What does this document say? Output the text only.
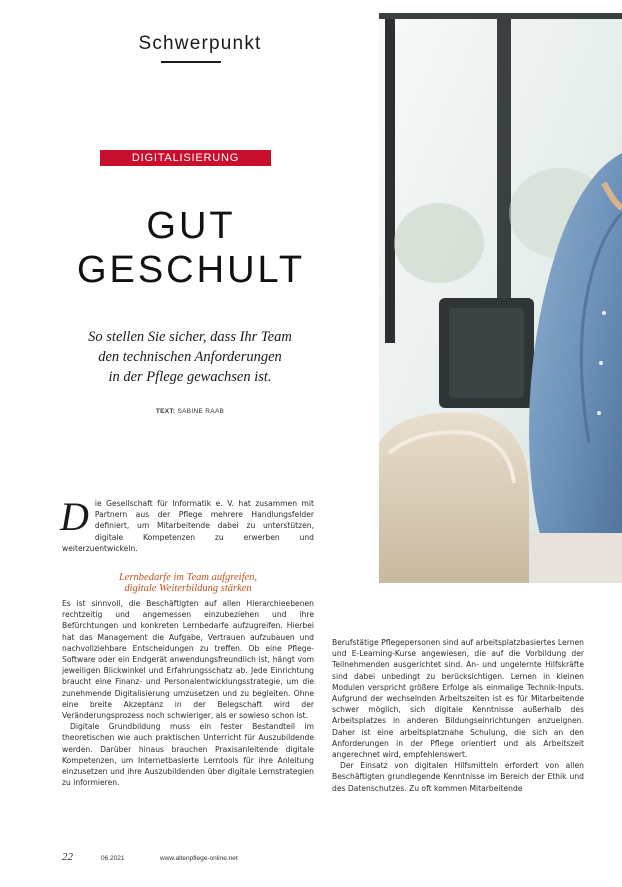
Schwerpunkt
DIGITALISIERUNG
GUT
GESCHULT
So stellen Sie sicher, dass Ihr Team
den technischen Anforderungen
in der Pflege gewachsen ist.
TEXT: SABINE RAAB
D ie Gesellschaft für Informatik e. V. hat zusammen mit Partnern aus der Pflege mehrere Handlungsfelder definiert, um Mitarbeitende dabei zu unterstützen, digitale Kompetenzen zu erwerben und weiterzuentwickeln.
Lernbedarfe im Team aufgreifen,
digitale Weiterbildung stärken

Es ist sinnvoll, die Beschäftigten auf allen Hierarchieebenen rechtzeitig und angemessen einzubeziehen und ihre Befürchtungen und konkreten Lernbedarfe aufzugreifen. Hierbei hat das Management die Aufgabe, Vertrauen aufzubauen und nachvollziehbare Entscheidungen zu treffen. Ob eine Pflege-Software oder ein Endgerät anwendungsfreundlich ist, hängt vom jeweiligen Blickwinkel und Erfahrungsschatz ab. Jede Einrichtung braucht eine Finanz- und Personalentwicklungsstrategie, um die zunehmende Digitalisierung umzusetzen und zu begleiten. Ohne eine breite Akzeptanz in der Belegschaft wird der Veränderungsprozess noch schwieriger, als er sowieso schon ist.

Digitale Grundbildung muss ein fester Bestandteil im theoretischen wie auch praktischen Unterricht für Auszubildende werden. Darüber hinaus brauchen Praxisanleitende digitale Kompetenzen, um Internetbasierte Lerntools für ihre Anleitung einzusetzen und ihre Auszubildenden über digitale Lernstrategien zu informieren.

Berufstätige Pflegepersonen sind auf arbeitsplatzbasiertes Lernen und E-Learning-Kurse angewiesen, die auf die Vorbildung der Teilnehmenden ausgerichtet sind. An- und ungelernte Hilfskräfte sind dabei unbedingt zu berücksichtigen. Lernen in kleinen Modulen verspricht größere Erfolge als einmalige Technik-Inputs. Aufgrund der wechselnden Arbeitszeiten ist es für Mitarbeitende schwer möglich, sich digitale Kenntnisse außerhalb des Arbeitsplatzes in anderen Bildungseinrichtungen anzueignen. Daher ist eine arbeitsplatznahe Schulung, die sich an den Anforderungen in der Pflege orientiert und als Arbeitszeit angerechnet wird, empfehlenswert.

Der Einsatz von digitalen Hilfsmitteln erfordert von allen Beschäftigten grundlegende Kenntnisse im Bereich der Ethik und des Datenschutzes. Zu oft kommen Mitarbeitende

22	06.2021	www.altenpflege-online.net
